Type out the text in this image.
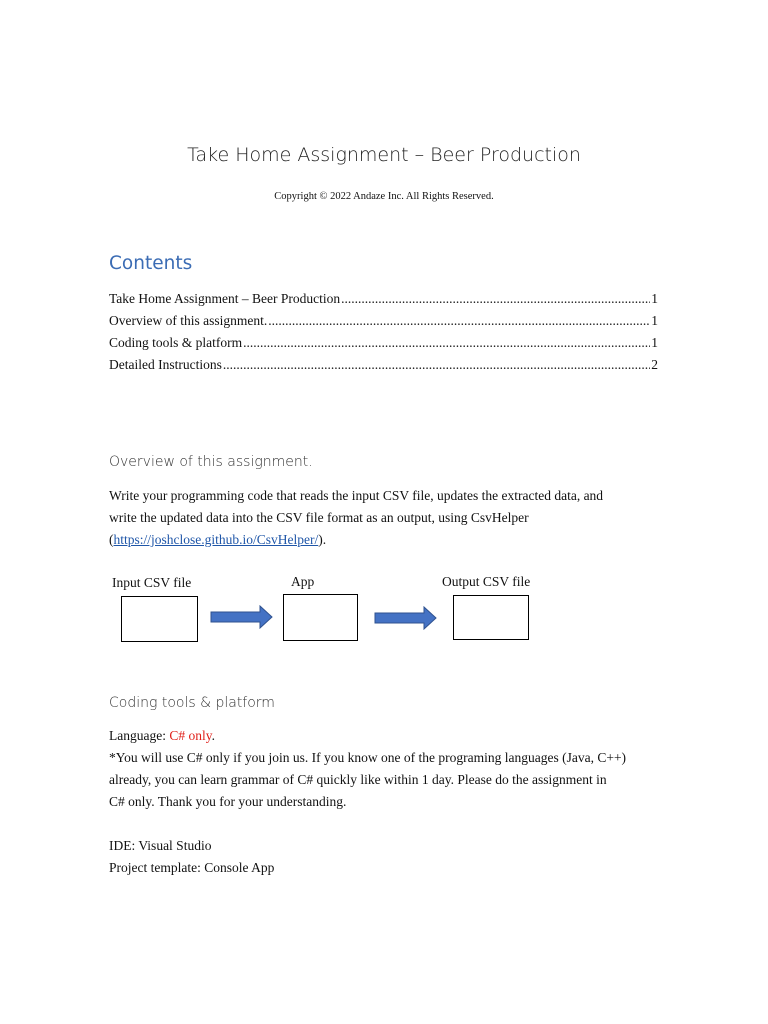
Take Home Assignment – Beer Production
Copyright © 2022 Andaze Inc. All Rights Reserved.
Contents
Take Home Assignment – Beer Production .....	1
Overview of this assignment. .....	1
Coding tools & platform .....	1
Detailed Instructions .....	2
Overview of this assignment.
Write your programming code that reads the input CSV file, updates the extracted data, and
write the updated data into the CSV file format as an output, using CsvHelper
(https://joshclose.github.io/CsvHelper/).
Input CSV file	App	Output CSV file
Coding tools & platform
Language: C# only.
*You will use C# only if you join us. If you know one of the programing languages (Java, C++)
already, you can learn grammar of C# quickly like within 1 day. Please do the assignment in
C# only. Thank you for your understanding.
IDE: Visual Studio
Project template: Console App
